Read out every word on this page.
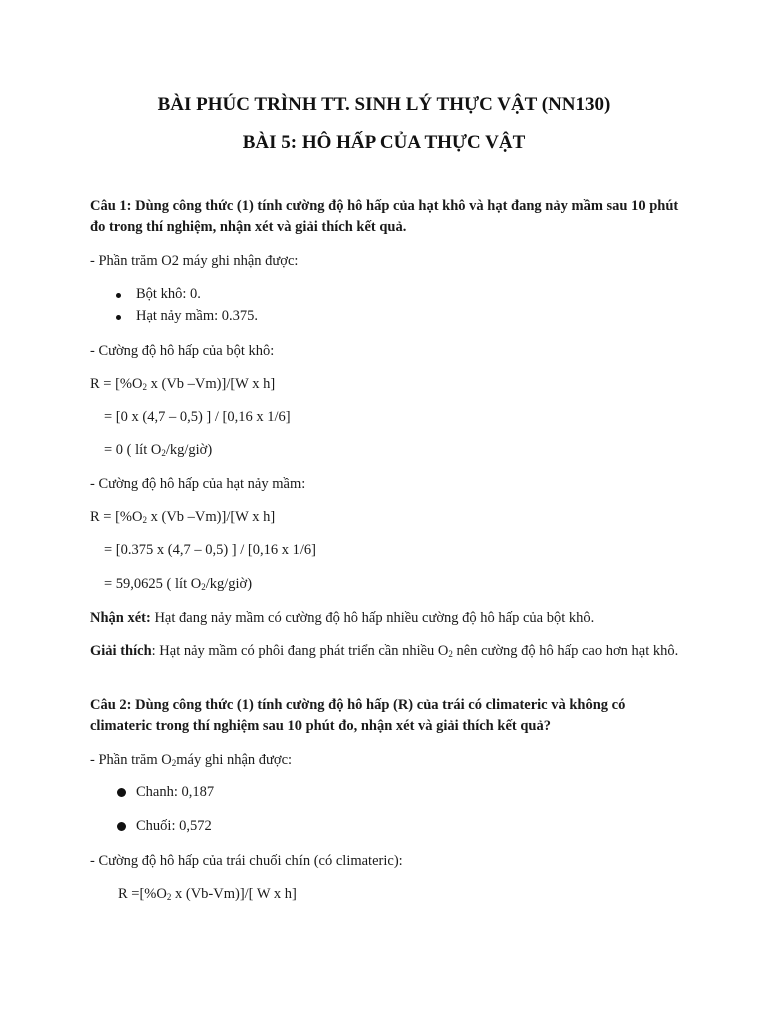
BÀI PHÚC TRÌNH TT. SINH LÝ THỰC VẬT (NN130)
BÀI 5: HÔ HẤP CỦA THỰC VẬT
Câu 1: Dùng công thức (1) tính cường độ hô hấp của hạt khô và hạt đang nảy mầm sau 10 phút đo trong thí nghiệm, nhận xét và giải thích kết quả.
- Phần trăm O2 máy ghi nhận được:
Bột khô: 0.
Hạt nảy mầm: 0.375.
- Cường độ hô hấp của bột khô:
$R = [\%O_2$ x (Vb –Vm)]/[W x h]
= [0 x (4,7 – 0,5) ] / [0,16 x 1/6]
= 0 ( lít $O_2/kg/giờ$)
- Cường độ hô hấp của hạt nảy mầm:
$R = [\%O_2$ x (Vb –Vm)]/[W x h]
= [0.375 x (4,7 – 0,5) ] / [0,16 x 1/6]
= 59,0625 ( lít $O_2/kg/giờ$)
Nhận xét: Hạt đang nảy mầm có cường độ hô hấp nhiều cường độ hô hấp của bột khô.
Giải thích: Hạt nảy mầm có phôi đang phát triển cần nhiều $O_2$ nên cường độ hô hấp cao hơn hạt khô.
Câu 2: Dùng công thức (1) tính cường độ hô hấp (R) của trái có climateric và không có climateric trong thí nghiệm sau 10 phút đo, nhận xét và giải thích kết quả?
- Phần trăm $O_2máy$ ghi nhận được:
Chanh: 0,187
Chuối: 0,572
- Cường độ hô hấp của trái chuối chín (có climateric):
$R =[\%O_2$ x (Vb-Vm)]/[ W x h]
